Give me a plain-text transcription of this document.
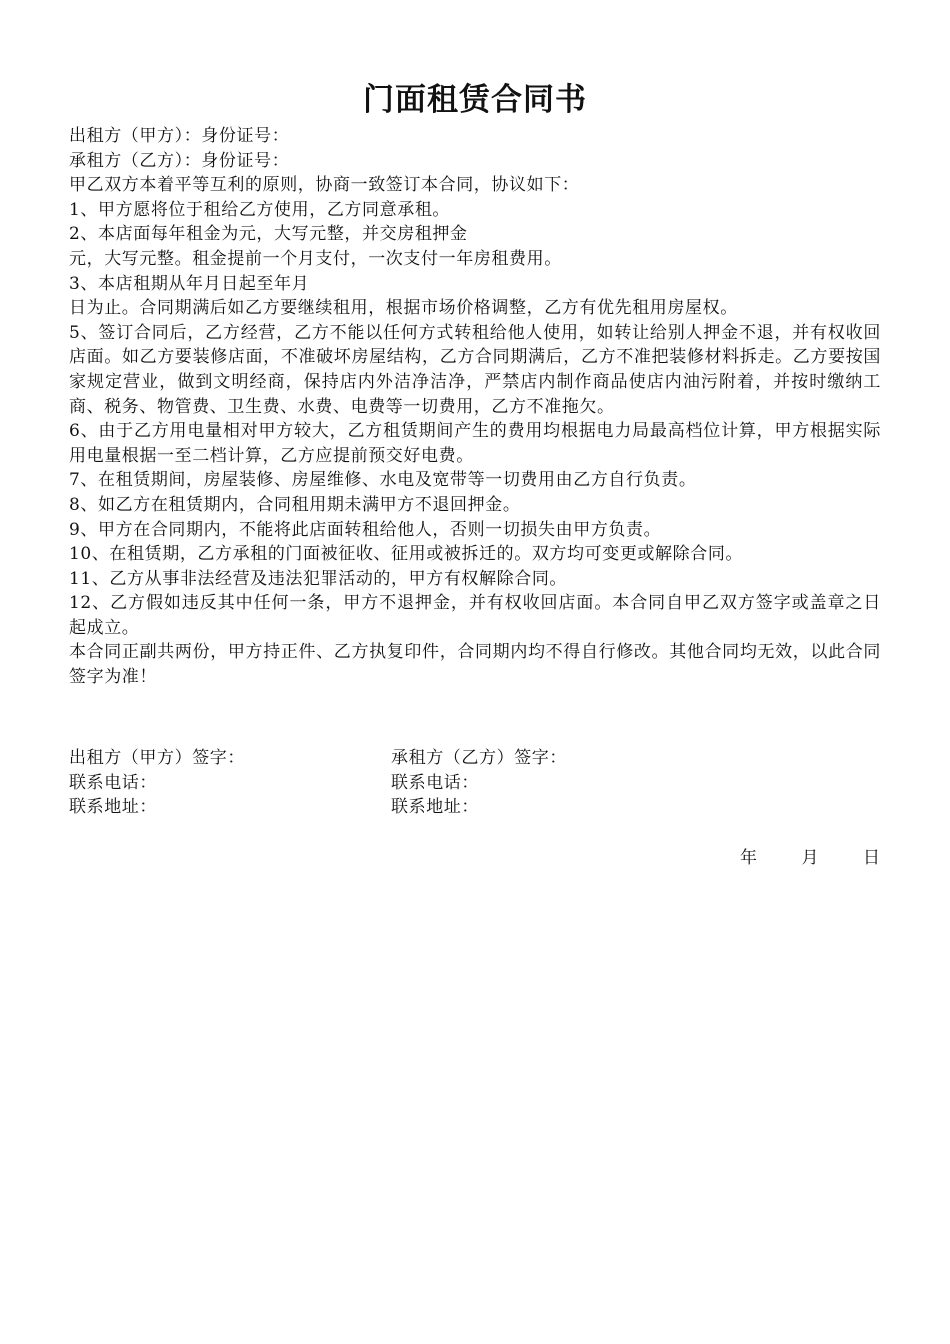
门面租赁合同书

出租方（甲方）：身份证号：

承租方（乙方）：身份证号：

甲乙双方本着平等互利的原则，协商一致签订本合同，协议如下：

1、甲方愿将位于租给乙方使用，乙方同意承租。

2、本店面每年租金为元，大写元整，并交房租押金

元，大写元整。租金提前一个月支付，一次支付一年房租费用。

3、本店租期从年月日起至年月

日为止。合同期满后如乙方要继续租用，根据市场价格调整，乙方有优先租用房屋权。

5、签订合同后，乙方经营，乙方不能以任何方式转租给他人使用，如转让给别人押金不退，并有权收回店面。如乙方要装修店面，不准破坏房屋结构，乙方合同期满后，乙方不准把装修材料拆走。乙方要按国家规定营业，做到文明经商，保持店内外洁净洁净，严禁店内制作商品使店内油污附着，并按时缴纳工商、税务、物管费、卫生费、水费、电费等一切费用，乙方不准拖欠。

6、由于乙方用电量相对甲方较大，乙方租赁期间产生的费用均根据电力局最高档位计算，甲方根据实际用电量根据一至二档计算，乙方应提前预交好电费。

7、在租赁期间，房屋装修、房屋维修、水电及宽带等一切费用由乙方自行负责。

8、如乙方在租赁期内，合同租用期未满甲方不退回押金。

9、甲方在合同期内，不能将此店面转租给他人，否则一切损失由甲方负责。

10、在租赁期，乙方承租的门面被征收、征用或被拆迁的。双方均可变更或解除合同。

11、乙方从事非法经营及违法犯罪活动的，甲方有权解除合同。

12、乙方假如违反其中任何一条，甲方不退押金，并有权收回店面。本合同自甲乙双方签字或盖章之日起成立。

本合同正副共两份，甲方持正件、乙方执复印件，合同期内均不得自行修改。其他合同均无效，以此合同签字为准！

出租方（甲方）签字：
联系电话：
联系地址：
承租方（乙方）签字：
联系电话：
联系地址：
年	月	日
